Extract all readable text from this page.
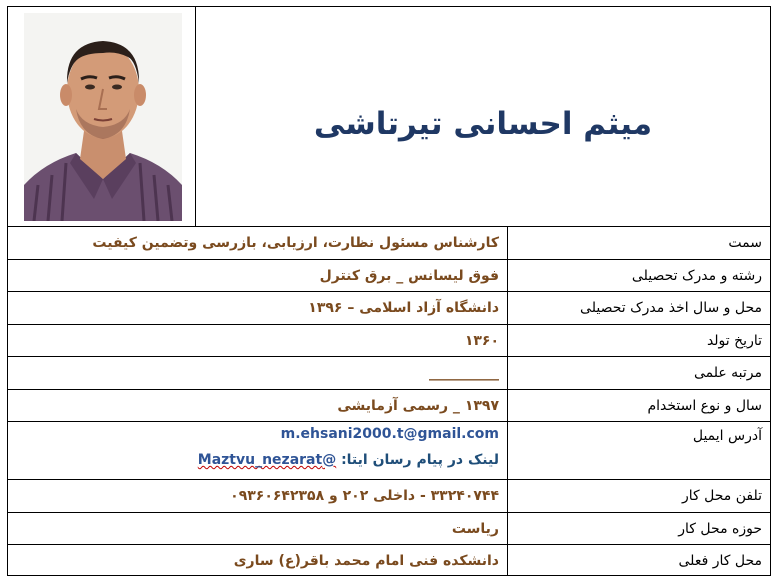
میثم احسانی تیرتاشی
سمت
کارشناس مسئول نظارت، ارزیابی، بازرسی وتضمین کیفیت
رشته و مدرک تحصیلی
فوق لیسانس _ برق کنترل
محل و سال اخذ مدرک تحصیلی
دانشگاه آزاد اسلامی – ۱۳۹۶
تاریخ تولد
۱۳۶۰
مرتبه علمی
__________
سال و نوع استخدام
۱۳۹۷ _ رسمی آزمایشی
آدرس ایمیل
m.ehsani2000.t@gmail.com
لینک در پیام رسان ایتا: @Maztvu_nezarat
تلفن محل کار
۳۳۲۴۰۷۴۴ - داخلی ۲۰۲ و ۰۹۳۶۰۶۴۲۳۵۸
حوزه محل کار
ریاست
محل کار فعلی
دانشکده فنی امام محمد باقر(ع) ساری
